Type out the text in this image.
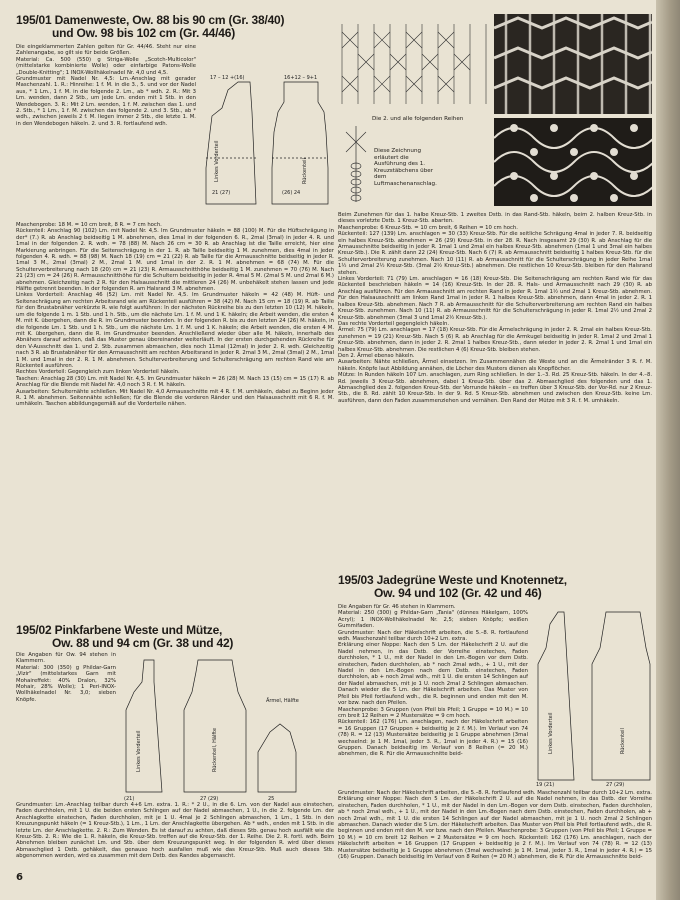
195/01 Damenweste, Ow. 88 bis 90 cm (Gr. 38/40)
und Ow. 98 bis 102 cm (Gr. 44/46)

Die eingeklammerten Zahlen gelten für Gr. 44/46. Steht nur eine Zahlenangabe, so gilt sie für beide Größen.

Material: Ca. 500 (550) g Striga-Wolle „Scotch-Multicolor" (mittelstarke kombinierte Wolle) oder einfarbige Patons-Wolle „Double-Knitting"; 1 INOX-Wollhäkelnadel Nr. 4,0 und 4,5.

Grundmuster mit Nadel Nr. 4,5: Lm.-Anschlag mit gerader Maschenzahl. 1. R.: Hinreihe: 1 f. M. in die 3., 5. und vor der Nadel aus, * 1 Lm., 1 f. M. in die folgende 2. Lm., ab * wdh. 2. R.: Mit 3 Lm. wenden, dann 2 Stb., um jede Lm. enden mit 1 Stb. in den Wendebogen. 3. R.: Mit 2 Lm. wenden, 1 f. M. zwischen das 1. und 2. Stb., * 1 Lm., 1 f. M. zwischen das folgende 2. und 3. Stb., ab * wdh., zwischen jeweils 2 f. M. liegen immer 2 Stb., die letzte 1. M. in den Wendebogen häkeln. 2. und 3. R. fortlaufend wdh.

21 (27)	(26) 24
17 – 12 +(16)	16+12 – 9+1
Linkes Vorderteil	Rückenteil

Maschenprobe: 18 M. = 10 cm breit, 8 R. = 7 cm hoch.

Rückenteil: Anschlag 90 (102) Lm. mit Nadel Nr. 4,5. Im Grundmuster häkeln = 88 (100) M. Für die Hüftschrägung in der* (7.) R. ab Anschlag beidseitig 1 M. abnehmen, dies 1mal in der folgenden 6. R., 2mal (3mal) in jeder 4. R. und 1mal in der folgenden 2. R. wdh. = 78 (88) M. Nach 26 cm = 30 R. ab Anschlag ist die Taille erreicht, hier eine Markierung anbringen. Für die Seitenschrägung in der 1. R. ab Taille beidseitig 1 M. zunehmen, dies 4mal in jeder folgenden 4. R. wdh. = 88 (98) M. Nach 18 (19) cm = 21 (22) R. ab Taille für die Armausschnitte beidseitig in jeder R. 1mal 3 M., 2mal (3mal) 2 M., 2mal 1 M. und 1mal in der 2. R. 1 M. abnehmen = 68 (74) M. Für die Schulterverbreiterung nach 18 (20) cm = 21 (23) R. Armausschnitthöhe beidseitig 1 M. zunehmen = 70 (76) M. Nach 21 (23) cm = 24 (26) R. Armausschnitthöhe für die Schultern beidseitig in jeder R. 4mal 5 M. (2mal 5 M. und 2mal 6 M.) abnehmen. Gleichzeitig nach 2 R. für den Halsausschnitt die mittleren 24 (26) M. unbehäkelt stehen lassen und jede Hälfte getrennt beenden. In der folgenden R. am Halsrand 3 M. abnehmen.
Linkes Vorderteil: Anschlag 46 (52) Lm. mit Nadel Nr. 4,5. Im Grundmuster häkeln = 42 (48) M. Hüft- und Seitenschrägung am rechten Arbeitsrand wie am Rückenteil ausführen = 38 (42) M. Nach 15 cm = 18 (19) R. ab Taille für den Brustabnäher verkürzte R. wie folgt ausführen: In der nächsten Rückreihe bis zu den letzten 10 (12) M. häkeln, um die folgende 1 m. 1 Stb. und 1 h. Stb., um die nächste Lm. 1 f. M. und 1 K. häkeln; die Arbeit wenden, die ersten 4 M. mit K. übergehen, dann die R. im Grundmuster beenden. In der folgenden R. bis zu den letzten 24 (26) M. häkeln, in die folgende Lm. 1 Stb. und 1 h. Stb., um die nächste Lm. 1 f. M. und 1 K. häkeln; die Arbeit wenden, die ersten 4 M. mit K. übergehen, dann die R. im Grundmuster beenden. Anschließend wieder über alle M. häkeln, innerhalb des Abnähers darauf achten, daß das Muster genau übereinander weiterläuft. In der ersten durchgehenden Rückreihe für den V-Ausschnitt das 1. und 2. Stb. zusammen abmaschen, dies noch 11mal (12mal) in jeder 2. R. wdh. Gleichzeitig nach 3 R. ab Brustabnäher für den Armausschnitt am rechten Arbeitsrand in jeder R. 2mal 3 M., 2mal (3mal) 2 M., 1mal 1 M. und 1mal in der 2. R. 1 M. abnehmen. Schulterverbreiterung und Schulterschrägung am rechten Rand wie am Rückenteil ausführen.
Rechtes Vorderteil: Gegengleich zum linken Vorderteil häkeln.
Taschen: Anschlag 28 (30) Lm. mit Nadel Nr. 4,5. Im Grundmuster häkeln = 26 (28) M. Nach 13 (15) cm = 15 (17) R. ab Anschlag für die Blende mit Nadel Nr. 4,0 noch 3 R. f. M. häkeln.
Ausarbeiten: Schulternähte schließen. Mit Nadel Nr. 4,0 Armausschnitte mit 4 R. f. M. umhäkeln, dabei zu Beginn jeder R. 1 M. abnehmen. Seitennähte schließen; für die Blende die vorderen Ränder und den Halsausschnitt mit 6 R. f. M. umhäkeln. Taschen abbildungsgemäß auf die Vorderteile nähen.

195/02 Pinkfarbene Weste und Mütze,
Ow. 88 und 94 cm (Gr. 38 und 42)

Die Angaben für Ow. 94 stehen in Klammern.

Material: 300 (350) g Phildar-Garn „Vizir" (mittelstarkes Garn mit Mohaireffekt: 40% Dralon, 32% Mohair, 28% Wolle); 1 Peri-INOX-Wollhäkelnadel Nr. 3,0; sieben Knöpfe.

(21)	27 (29)	25
Linkes Vorderteil	Rückenteil, Hälfte
Ärmel, Hälfte

Grundmuster: Lm.-Anschlag teilbar durch 4+6 Lm. extra. 1. R.: * 2 U., in die 6. Lm. von der Nadel aus einstechen, Faden durchholen, mit 1 U. die beiden ersten Schlingen auf der Nadel abmaschen, 1 U., in die 2. folgende Lm. der Anschlagkette einstechen, Faden durchholen, mit je 1 U. 4mal je 2 Schlingen abmaschen, 1 Lm., 1 Stb. in den Kreuzungspunkt häkeln (= 1 Kreuz-Stb.), 1 Lm., 1 Lm. der Anschlagkette übergehen. Ab * wdh., enden mit 1 Stb. in die letzte Lm. der Anschlagkette. 2. R.: Zum Wenden. Es ist darauf zu achten, daß dieses Stb. genau hoch ausfällt wie die Kreuz-Stb. 2. R.: Wie die 1. R. häkeln, die Kreuz-Stb. treffen auf die Kreuz-Stb. der 1. Reihe. Die 2. R. fortl. wdh. Beim Abnehmen bleiben zunächst Lm. und Stb. über dem Kreuzungspunkt weg. In der folgenden R. wird über dieses Abmaschglied 1 Dstb. gehäkelt, das genauso hoch ausfallen muß wie das Kreuz-Stb. Muß auch dieses Stb. abgenommen werden, wird es zusammen mit dem Dstb. des Randes abgemascht.

Die 2. und alle folgenden Reihen
Diese Zeichnung erläutert die Ausführung des 1. Kreuzstäbchens über dem Luftmaschenanschlag.

Beim Zunehmen für das 1. halbe Kreuz-Stb. 1 zweites Dstb. in das Rand-Stb. häkeln, beim 2. halben Kreuz-Stb. in dieses vorletzte Dstb. 1 Kreuz-Stb. abarten.
Maschenprobe: 6 Kreuz-Stb. = 10 cm breit, 6 Reihen = 10 cm hoch.
Rückenteil: 127 (139) Lm. anschlagen = 30 (33) Kreuz-Stb. Für die seitliche Schrägung 4mal in jeder 7. R. beidseitig ein halbes Kreuz-Stb. abnehmen = 26 (29) Kreuz-Stb. in der 28. R. Nach insgesamt 29 (30) R. ab Anschlag für die Armausschnitte beidseitig in jeder R. 1mal 1 und 2mal ein halbes Kreuz-Stb. abnehmen (1mal 1 und 3mal ein halbes Kreuz-Stb.). Die R. zählt dann 22 (24) Kreuz-Stb. Nach 6 (7) R. ab Armausschnitt beidseitig 1 halbes Kreuz-Stb. für die Schulterverbreiterung zunehmen. Nach 10 (11) R. ab Armausschnitt für die Schulterschrägung in jeder Reihe 1mal 1½ und 2mal 2½ Kreuz-Stb. (3mal 2½ Kreuz-Stb.) abnehmen. Die restlichen 10 Kreuz-Stb. bleiben für den Halsrand stehen.
Linkes Vorderteil: 71 (79) Lm. anschlagen = 16 (18) Kreuz-Stb. Die Seitenschrägung am rechten Rand wie für das Rückenteil beschrieben häkeln = 14 (16) Kreuz-Stb. In der 28. R. Hals- und Armausschnitt nach 29 (30) R. ab Anschlag ausführen. Für den Armausschnitt am rechten Rand in jeder R. 1mal 1½ und 2mal 1 Kreuz-Stb. abnehmen. Für den Halsausschnitt am linken Rand 1mal in jeder R. 1 halbes Kreuz-Stb. abnehmen, dann 4mal in jeder 2. R. 1 halbes Kreuz-Stb. abnehmen. Nach 7 R. ab Armausschnitt für die Schulterverbreiterung am rechten Rand ein halbes Kreuz-Stb. zunehmen. Nach 10 (11) R. ab Armausschnitt für die Schulterschrägung in jeder R. 1mal 2½ und 2mal 2 Kreuz-Stb. abnehmen (3mal 3 und 1mal 2½ Kreuz-Stb.).
Das rechte Vorderteil gegengleich häkeln.
Ärmel: 75 (79) Lm. anschlagen = 17 (18) Kreuz-Stb. Für die Ärmelschrägung in jeder 2. R. 2mal ein halbes Kreuz-Stb. zunehmen = 19 (21) Kreuz-Stb. Nach 5 (6) R. ab Anschlag für die Armkugel beidseitig in jeder R. 1mal 2 und 2mal 1 Kreuz-Stb. abnehmen, dann in jeder 2. R. 2mal 1 halbes Kreuz-Stb., dann wieder in jeder 2. R. 2mal 1 und 1mal ein halbes Kreuz-Stb. abnehmen. Die restlichen 4 (6) Kreuz-Stb. bleiben stehen.
Den 2. Ärmel ebenso häkeln.
Ausarbeiten: Nähte schließen, Ärmel einsetzen. Im Zusammennähen die Weste und an die Ärmelränder 3 R. f. M. häkeln. Knöpfe laut Abbildung annähen, die Löcher des Musters dienen als Knopflöcher.
Mütze: In Runden häkeln 107 Lm. anschlagen, zum Ring schließen. In der 1.–3. Rd. 25 Kreuz-Stb. häkeln. In der 4.–8. Rd. jeweils 3 Kreuz-Stb. abnehmen, dabei 1 Kreuz-Stb. über das 2. Abmaschglied des folgenden und das 1. Abmaschglied des 2. folgenden Kreuz-Stb. der Vorrunde häkeln – es treffen über 3 Kreuz-Stb. der Vor-Rd. nur 2 Kreuz-Stb., die 8. Rd. zählt 10 Kreuz-Stb. In der 9. Rd. 5 Kreuz-Stb. abnehmen und zwischen den Kreuz-Stb. keine Lm. ausführen, dann den Faden zusammenziehen und vernähen. Den Rand der Mütze mit 3 R. f. M. umhäkeln.

195/03 Jadegrüne Weste und Knotennetz,
Ow. 94 und 102 (Gr. 42 und 46)

Die Angaben für Gr. 46 stehen in Klammern.

Material: 250 (300) g Phildar-Garn „Tania" (dünnes Häkelgarn, 100% Acryl); 1 INOX-Wollhäkelnadel Nr. 2,5; sieben Knöpfe; weißen Gummifaden.

Grundmuster: Nach der Häkelschrift arbeiten, die 5.–8. R. fortlaufend wdh. Maschenzahl teilbar durch 10+2 Lm. extra.
Erklärung einer Noppe: Nach den 5 Lm. der Häkelschrift 2 U. auf die Nadel nehmen, in das Dstb. der Vorreihe einstechen, Faden durchholen, * 1 U., mit der Nadel in den Lm.-Bogen vor dem Dstb. einstechen, Faden durchholen, ab * noch 2mal wdh., + 1 U., mit der Nadel in den Lm.-Bogen nach dem Dstb. einstechen, Faden durchholen, ab + noch 2mal wdh., mit 1 U. die ersten 14 Schlingen auf der Nadel abmaschen, mit je 1 U. noch 2mal 2 Schlingen abmaschen. Danach wieder die 5 Lm. der Häkelschrift arbeiten. Das Muster von Pfeil bis Pfeil fortlaufend wdh., die R. beginnen und enden mit den M. vor bzw. nach den Pfeilen.
Maschenprobe: 3 Gruppen (von Pfeil bis Pfeil; 1 Gruppe = 10 M.) = 10 cm breit 12 Reihen = 2 Mustersätze = 9 cm hoch.
Rückenteil: 162 (176) Lm. anschlagen, nach der Häkelschrift arbeiten = 16 Gruppen (17 Gruppen + beidseitig je 2 f. M.). Im Verlauf von 74 (78) R. = 12 (13) Mustersätze beidseitig je 1 Gruppe abnehmen (3mal wechselnd: je 1 M. 1mal, jeder 3. R., 1mal in jeder 4. R.) = 15 (16) Gruppen. Danach beidseitig im Verlauf von 8 Reihen (= 20 M.) abnehmen, die R. Für die Armausschnitte beid-

Linkes Vorderteil	Rückenteil
19 (21)	27 (29)

Grundmuster: Nach der Häkelschrift arbeiten, die 5.–8. R. fortlaufend wdh. Maschenzahl teilbar durch 10+2 Lm. extra. Erklärung einer Noppe: Nach den 5 Lm. der Häkelschrift 2 U. auf die Nadel nehmen, in das Dstb. der Vorreihe einstechen, Faden durchholen, * 1 U., mit der Nadel in den Lm.-Bogen vor dem Dstb. einstechen, Faden durchholen, ab * noch 2mal wdh., + 1 U., mit der Nadel in den Lm.-Bogen nach dem Dstb. einstechen, Faden durchholen, ab + noch 2mal wdh., mit 1 U. die ersten 14 Schlingen auf der Nadel abmaschen, mit je 1 U. noch 2mal 2 Schlingen abmaschen. Danach wieder die 5 Lm. der Häkelschrift arbeiten. Das Muster von Pfeil bis Pfeil fortlaufend wdh., die R. beginnen und enden mit den M. vor bzw. nach den Pfeilen. Maschenprobe: 3 Gruppen (von Pfeil bis Pfeil; 1 Gruppe = 10 M.) = 10 cm breit 12 Reihen = 2 Mustersätze = 9 cm hoch. Rückenteil: 162 (176) Lm. anschlagen, nach der Häkelschrift arbeiten = 16 Gruppen (17 Gruppen + beidseitig je 2 f. M.). Im Verlauf von 74 (78) R. = 12 (13) Mustersätze beidseitig je 1 Gruppe abnehmen (3mal wechselnd: je 1 M. 1mal, jeder 3. R., 1mal in jeder 4. R.) = 15 (16) Gruppen. Danach beidseitig im Verlauf von 8 Reihen (= 20 M.) abnehmen, die R. Für die Armausschnitte beid-

6
